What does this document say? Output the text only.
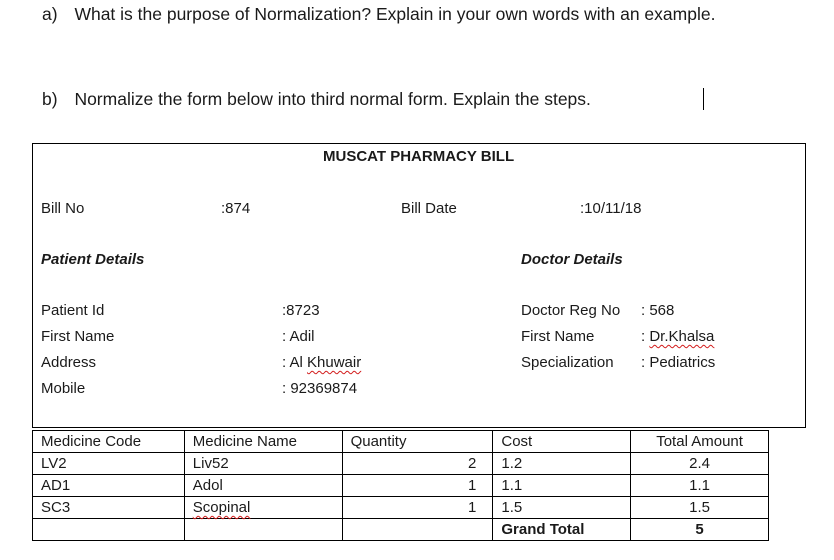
a) What is the purpose of Normalization? Explain in your own words with an example.
b) Normalize the form below into third normal form. Explain the steps.
MUSCAT PHARMACY BILL
Bill No	:874	Bill Date	:10/11/18
Patient Details	Doctor Details
Patient Id	:8723
First Name	: Adil
Address	: Al Khuwair
Mobile	: 92369874
Doctor Reg No : 568
First Name	: Dr.Khalsa
Specialization : Pediatrics
Medicine Code	Medicine Name	Quantity	Cost	Total Amount
LV2	Liv52	2	1.2	2.4
AD1	Adol	1	1.1	1.1
SC3	Scopinal	1	1.5	1.5
			Grand Total	5
